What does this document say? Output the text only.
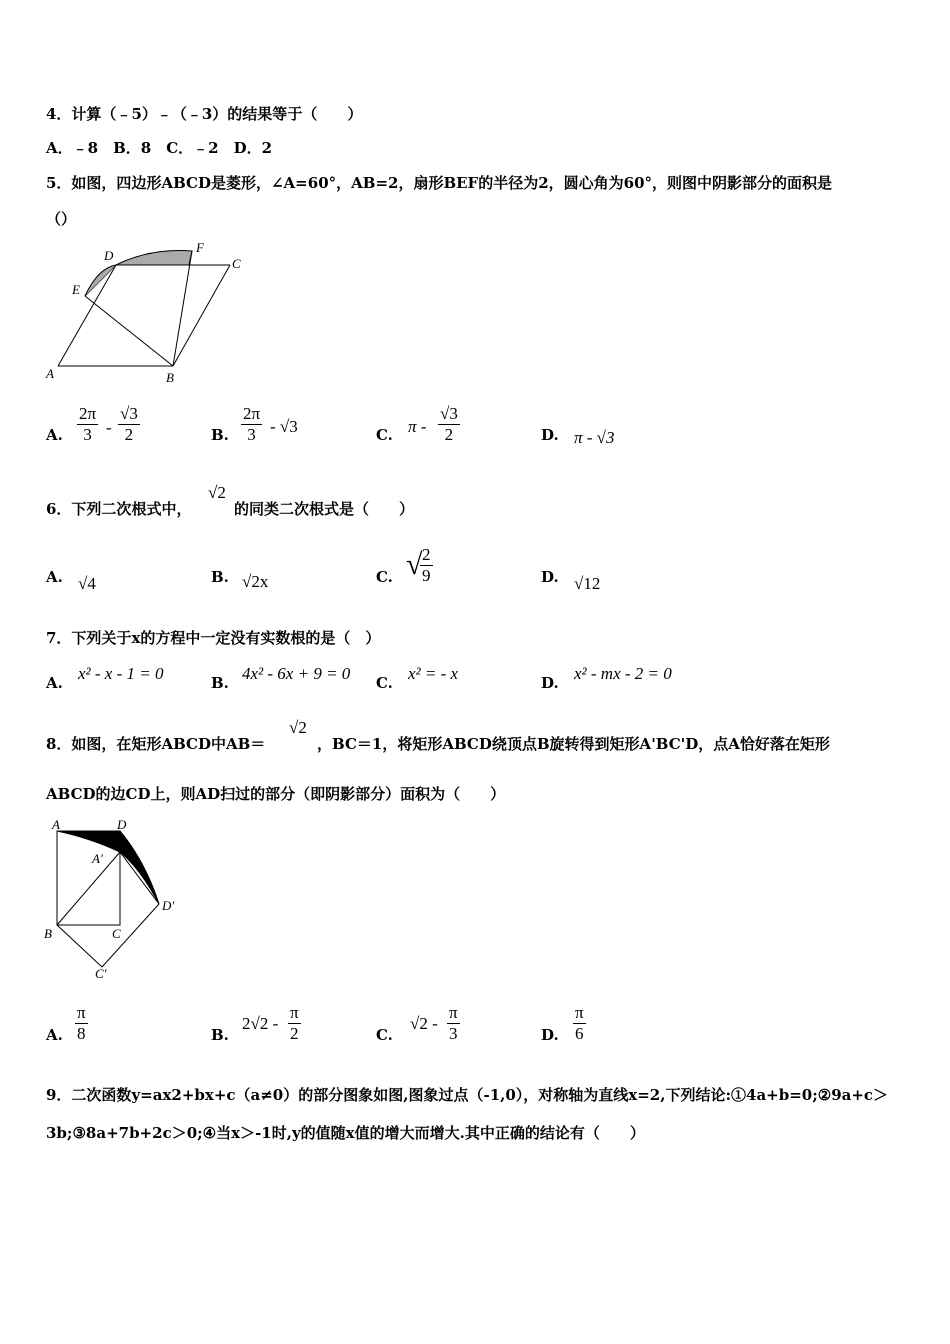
4．计算（﹣5）﹣（﹣3）的结果等于（　　）
A．﹣8　B．8　C．﹣2　D．2
5．如图，四边形ABCD是菱形，∠A=60°，AB=2，扇形BEF的半径为2，圆心角为60°，则图中阴影部分的面积是
（）
D
F
C
E
A	B
A. $\frac{2\pi}{3} - \frac{√3}{2}$	B. $\frac{2\pi}{3} - √3$	C. π - $\frac{√3}{2}$	D. π - √3
6．下列二次根式中，
√2
的同类二次根式是（　　）
A. √4	B. √2x	C. √
$\frac{2}{9}$	D. √12
7．下列关于x的方程中一定没有实数根的是（　）
A. x² - x - 1 = 0	B. 4x² - 6x + 9 = 0 C. x² = - x	D. x² - mx - 2 = 0
8．如图，在矩形ABCD中AB＝
√2
，BC＝1，将矩形ABCD绕顶点B旋转得到矩形A'BC'D，点A恰好落在矩形
ABCD的边CD上，则AD扫过的部分（即阴影部分）面积为（　　）
A	D
A'
D'
B	C
C'
A. $\frac{\pi}{8}$	B.
$2√2 - \frac{\pi}{2}$	C.
$√2 - \frac{\pi}{3}$	D. $\frac{\pi}{6}$
9．二次函数y=ax2+bx+c（a≠0）的部分图象如图,图象过点（-1,0），对称轴为直线x=2,下列结论:①4a+b=0;②9a+c＞
3b;③8a+7b+2c＞0;④当x＞-1时,y的值随x值的增大而增大.其中正确的结论有（　　）
